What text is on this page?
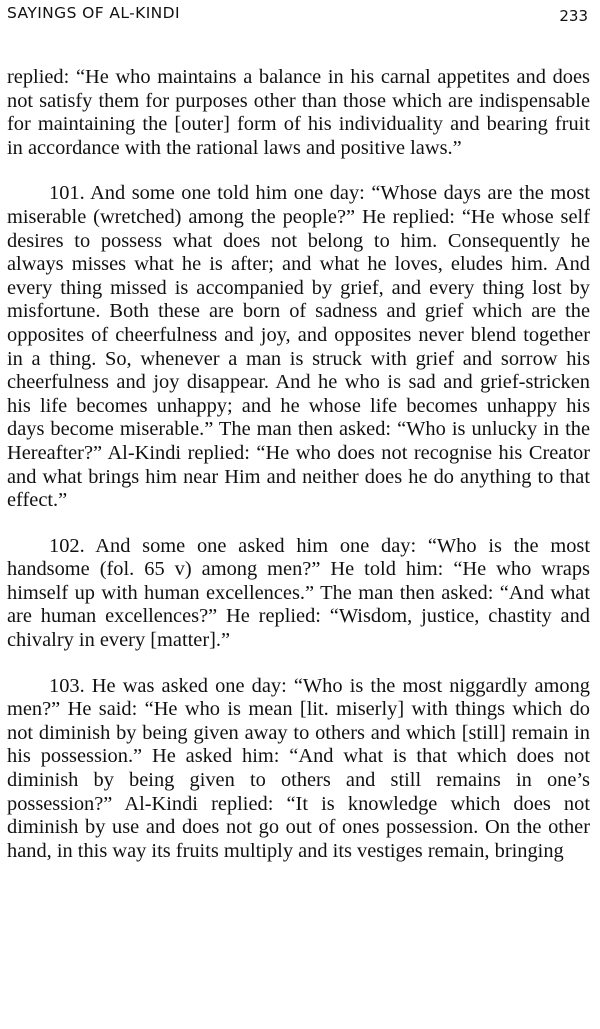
SAYINGS OF AL-KINDI	233

replied: “He who maintains a balance in his carnal appetites and does not satisfy them for purposes other than those which are indispensable for maintaining the [outer] form of his individuality and bearing fruit in accordance with the rational laws and positive laws.”

101. And some one told him one day: “Whose days are the most miserable (wretched) among the people?” He replied: “He whose self desires to possess what does not belong to him. Consequently he always misses what he is after; and what he loves, eludes him. And every thing missed is accompanied by grief, and every thing lost by misfortune. Both these are born of sadness and grief which are the opposites of cheerfulness and joy, and opposites never blend together in a thing. So, whenever a man is struck with grief and sorrow his cheerfulness and joy disappear. And he who is sad and grief-stricken his life becomes unhappy; and he whose life becomes unhappy his days become miserable.” The man then asked: “Who is unlucky in the Hereafter?” Al-Kindi replied: “He who does not recognise his Creator and what brings him near Him and neither does he do anything to that effect.”

102. And some one asked him one day: “Who is the most handsome (fol. 65 v) among men?” He told him: “He who wraps himself up with human excellences.” The man then asked: “And what are human excellences?” He replied: “Wisdom, justice, chastity and chivalry in every [matter].”

103. He was asked one day: “Who is the most niggardly among men?” He said: “He who is mean [lit. miserly] with things which do not diminish by being given away to others and which [still] remain in his possession.” He asked him: “And what is that which does not diminish by being given to others and still remains in one’s possession?” Al-Kindi replied: “It is knowledge which does not diminish by use and does not go out of ones possession. On the other hand, in this way its fruits multiply and its vestiges remain, bringing
